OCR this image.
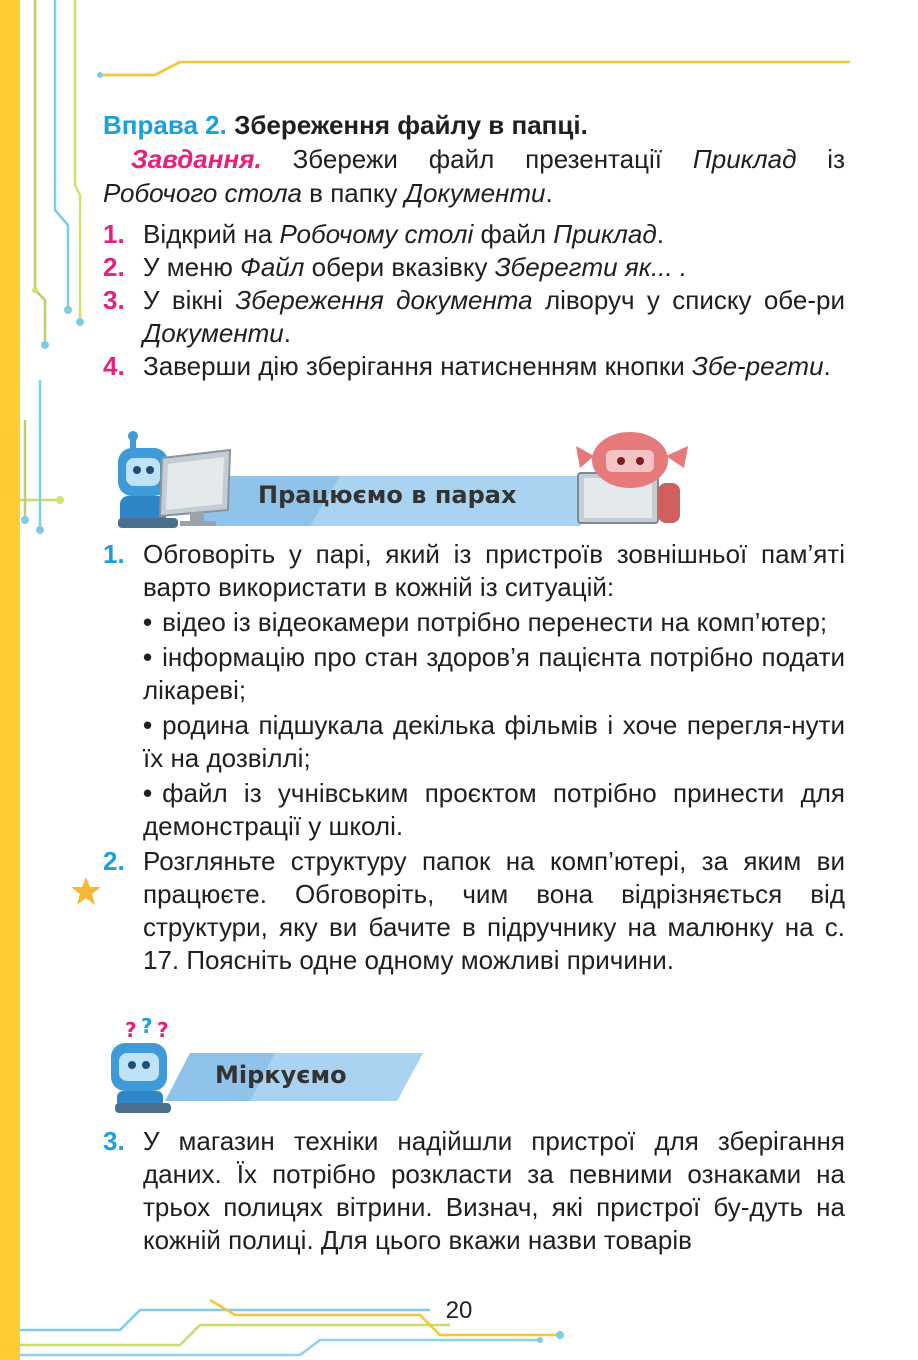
Вправа 2. Збереження файлу в папці.

Завдання. Збережи файл презентації Приклад із Робочого стола в папку Документи.

1. Відкрий на Робочому столі файл Приклад.
2. У меню Файл обери вказівку Зберегти як... .
3. У вікні Збереження документа ліворуч у списку обе-ри Документи.
4. Заверши дію зберігання натисненням кнопки Збе-регти.
Працюємо в парах
1. Обговоріть у парі, який із пристроїв зовнішньої пам’яті варто використати в кожній із ситуацій:
• відео із відеокамери потрібно перенести на комп’ютер;
• інформацію про стан здоров’я пацієнта потрібно подати лікареві;
• родина підшукала декілька фільмів і хоче перегля-нути їх на дозвіллі;
• файл із учнівським проєктом потрібно принести для демонстрації у школі.
2. Розгляньте структуру папок на комп’ютері, за яким ви працюєте. Обговоріть, чим вона відрізняється від структури, яку ви бачите в підручнику на малюнку на с. 17. Поясніть одне одному можливі причини.
? ? ?
Міркуємо
3. У магазин техніки надійшли пристрої для зберігання даних. Їх потрібно розкласти за певними ознаками на трьох полицях вітрини. Визнач, які пристрої бу-дуть на кожній полиці. Для цього вкажи назви товарів
20
